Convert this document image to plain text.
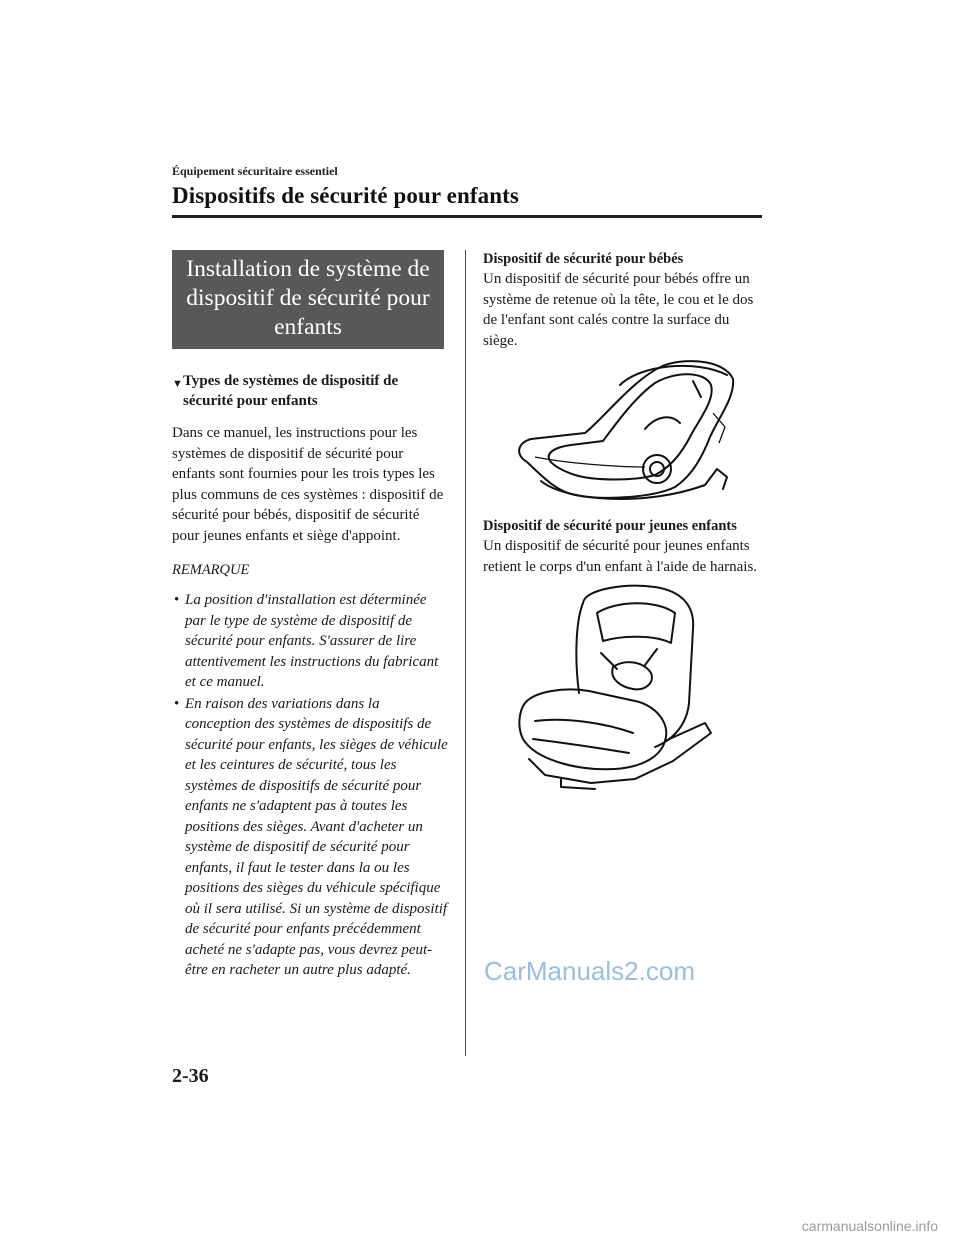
Équipement sécuritaire essentiel
Dispositifs de sécurité pour enfants
Installation de système de dispositif de sécurité pour enfants
▼ Types de systèmes de dispositif de sécurité pour enfants

Dans ce manuel, les instructions pour les systèmes de dispositif de sécurité pour enfants sont fournies pour les trois types les plus communs de ces systèmes : dispositif de sécurité pour bébés, dispositif de sécurité pour jeunes enfants et siège d'appoint.

REMARQUE
• La position d'installation est déterminée par le type de système de dispositif de sécurité pour enfants. S'assurer de lire attentivement les instructions du fabricant et ce manuel.
• En raison des variations dans la conception des systèmes de dispositifs de sécurité pour enfants, les sièges de véhicule et les ceintures de sécurité, tous les systèmes de dispositifs de sécurité pour enfants ne s'adaptent pas à toutes les positions des sièges. Avant d'acheter un système de dispositif de sécurité pour enfants, il faut le tester dans la ou les positions des sièges du véhicule spécifique où il sera utilisé. Si un système de dispositif de sécurité pour enfants précédemment acheté ne s'adapte pas, vous devrez peut-être en racheter un autre plus adapté.
Dispositif de sécurité pour bébés

Un dispositif de sécurité pour bébés offre un système de retenue où la tête, le cou et le dos de l'enfant sont calés contre la surface du siège.

Dispositif de sécurité pour jeunes enfants

Un dispositif de sécurité pour jeunes enfants retient le corps d'un enfant à l'aide de harnais.

CarManuals2.com
2-36
carmanualsonline.info
